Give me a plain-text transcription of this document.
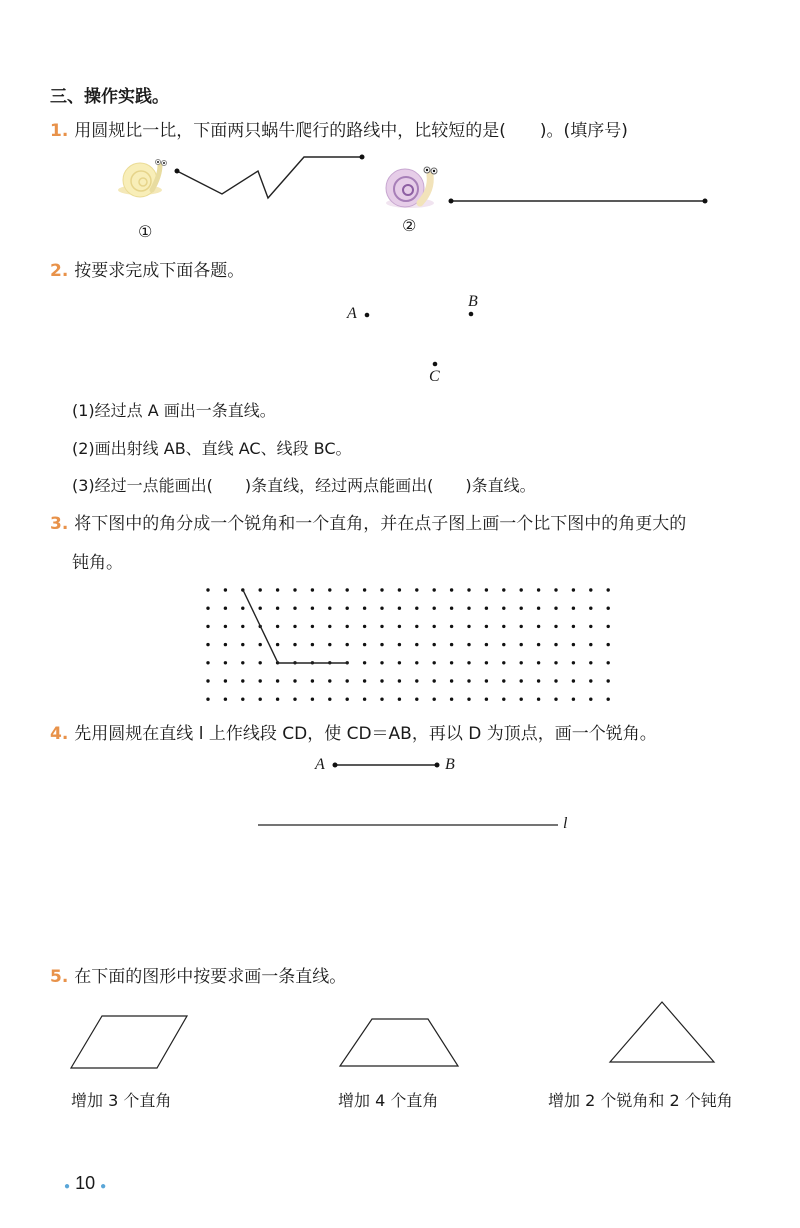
三、操作实践。
1. 用圆规比一比，下面两只蜗牛爬行的路线中，比较短的是(　　)。(填序号)
①	②
2. 按要求完成下面各题。
A
B
C
(1)经过点 A 画出一条直线。
(2)画出射线 AB、直线 AC、线段 BC。
(3)经过一点能画出(　　)条直线，经过两点能画出(　　)条直线。
3. 将下图中的角分成一个锐角和一个直角，并在点子图上画一个比下图中的角更大的
钝角。
4. 先用圆规在直线 l 上作线段 CD，使 CD＝AB，再以 D 为顶点，画一个锐角。
A	B
l
5. 在下面的图形中按要求画一条直线。
增加 3 个直角	增加 4 个直角	增加 2 个锐角和 2 个钝角
● 10 ●
